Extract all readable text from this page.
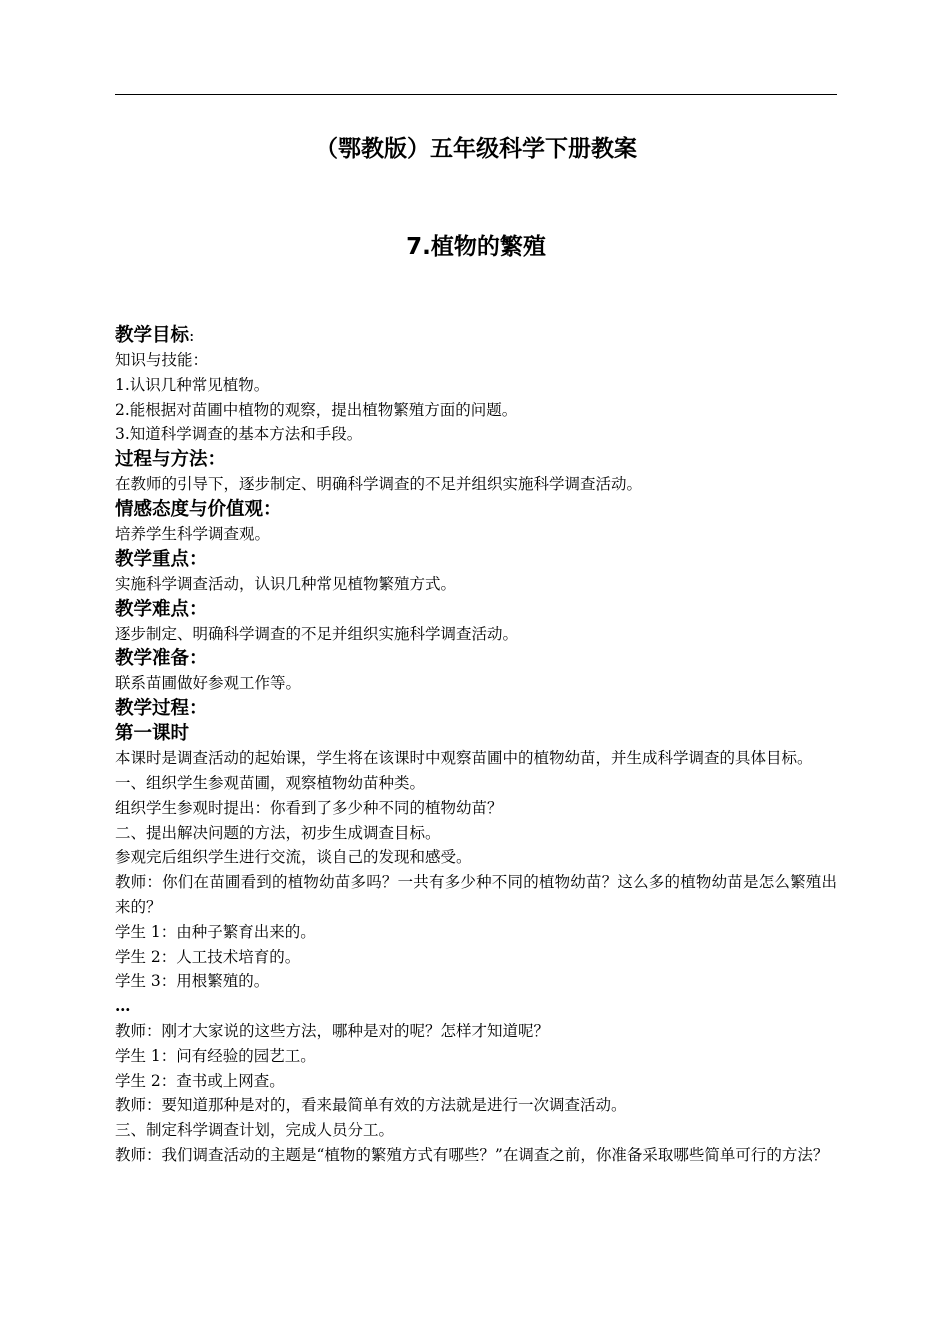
（鄂教版）五年级科学下册教案
7.植物的繁殖
教学目标:
知识与技能：
1.认识几种常见植物。
2.能根据对苗圃中植物的观察，提出植物繁殖方面的问题。
3.知道科学调查的基本方法和手段。
过程与方法：
在教师的引导下，逐步制定、明确科学调查的不足并组织实施科学调查活动。
情感态度与价值观：
培养学生科学调查观。
教学重点：
实施科学调查活动，认识几种常见植物繁殖方式。
教学难点：
逐步制定、明确科学调查的不足并组织实施科学调查活动。
教学准备：
联系苗圃做好参观工作等。
教学过程：
第一课时
本课时是调查活动的起始课，学生将在该课时中观察苗圃中的植物幼苗，并生成科学调查的具体目标。
一、组织学生参观苗圃，观察植物幼苗种类。
组织学生参观时提出：你看到了多少种不同的植物幼苗？
二、提出解决问题的方法，初步生成调查目标。
参观完后组织学生进行交流，谈自己的发现和感受。
教师：你们在苗圃看到的植物幼苗多吗？一共有多少种不同的植物幼苗？这么多的植物幼苗是怎么繁殖出来的？
学生 1：由种子繁育出来的。
学生 2：人工技术培育的。
学生 3：用根繁殖的。
…
教师：刚才大家说的这些方法，哪种是对的呢？怎样才知道呢？
学生 1：问有经验的园艺工。
学生 2：查书或上网查。
教师：要知道那种是对的，看来最简单有效的方法就是进行一次调查活动。
三、制定科学调查计划，完成人员分工。
教师：我们调查活动的主题是“植物的繁殖方式有哪些？”在调查之前，你准备采取哪些简单可行的方法？
